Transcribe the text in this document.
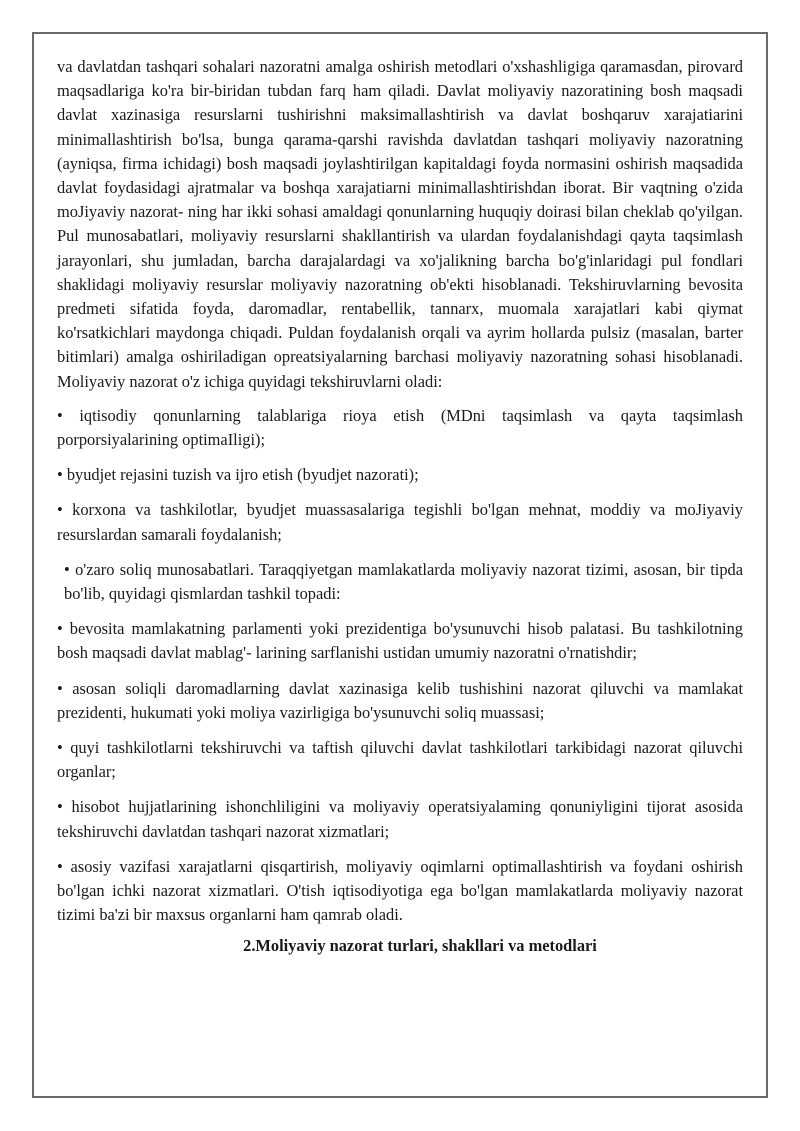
va davlatdan tashqari sohalari nazoratni amalga oshirish metodlari o'xshashligiga qaramasdan, pirovard maqsadlariga ko'ra bir-biridan tubdan farq ham qiladi. Davlat moliyaviy nazoratining bosh maqsadi davlat xazinasiga resurslarni tushirishni maksimallashtirish va davlat boshqaruv xarajatiarini minimallashtirish bo'lsa, bunga qarama-qarshi ravishda davlatdan tashqari moliyaviy nazoratning (ayniqsa, firma ichidagi) bosh maqsadi joylashtirilgan kapitaldagi foyda normasini oshirish maqsadida davlat foydasidagi ajratmalar va boshqa xarajatiarni minimallashtirishdan iborat. Bir vaqtning o'zida moJiyaviy nazorat- ning har ikki sohasi amaldagi qonunlarning huquqiy doirasi bilan cheklab qo'yilgan. Pul munosabatlari, moliyaviy resurslarni shakllantirish va ulardan foydalanishdagi qayta taqsimlash jarayonlari, shu jumladan, barcha darajalardagi va xo'jalikning barcha bo'g'inlaridagi pul fondlari shaklidagi moliyaviy resurslar moliyaviy nazoratning ob'ekti hisoblanadi. Tekshiruvlarning bevosita predmeti sifatida foyda, daromadlar, rentabellik, tannarx, muomala xarajatlari kabi qiymat ko'rsatkichlari maydonga chiqadi. Puldan foydalanish orqali va ayrim hollarda pulsiz (masalan, barter bitimlari) amalga oshiriladigan opreatsiyalarning barchasi moliyaviy nazoratning sohasi hisoblanadi. Moliyaviy nazorat o'z ichiga quyidagi tekshiruvlarni oladi:

• iqtisodiy qonunlarning talablariga rioya etish (MDni taqsimlash va qayta taqsimlash porporsiyalarining optimaIligi);

• byudjet rejasini tuzish va ijro etish (byudjet nazorati);

• korxona va tashkilotlar, byudjet muassasalariga tegishli bo'lgan mehnat, moddiy va moJiyaviy resurslardan samarali foydalanish;

• o'zaro soliq munosabatlari. Taraqqiyetgan mamlakatlarda moliyaviy nazorat tizimi, asosan, bir tipda bo'lib, quyidagi qismlardan tashkil topadi:

• bevosita mamlakatning parlamenti yoki prezidentiga bo'ysunuvchi hisob palatasi. Bu tashkilotning bosh maqsadi davlat mablag'- larining sarflanishi ustidan umumiy nazoratni o'rnatishdir;

• asosan soliqli daromadlarning davlat xazinasiga kelib tushishini nazorat qiluvchi va mamlakat prezidenti, hukumati yoki moliya vazirligiga bo'ysunuvchi soliq muassasi;

• quyi tashkilotlarni tekshiruvchi va taftish qiluvchi davlat tashkilotlari tarkibidagi nazorat qiluvchi organlar;

• hisobot hujjatlarining ishonchliligini va moliyaviy operatsiyalaming qonuniyligini tijorat asosida tekshiruvchi davlatdan tashqari nazorat xizmatlari;

• asosiy vazifasi xarajatlarni qisqartirish, moliyaviy oqimlarni optimallashtirish va foydani oshirish bo'lgan ichki nazorat xizmatlari. O'tish iqtisodiyotiga ega bo'lgan mamlakatlarda moliyaviy nazorat tizimi ba'zi bir maxsus organlarni ham qamrab oladi.

2.Moliyaviy nazorat turlari, shakllari va metodlari
